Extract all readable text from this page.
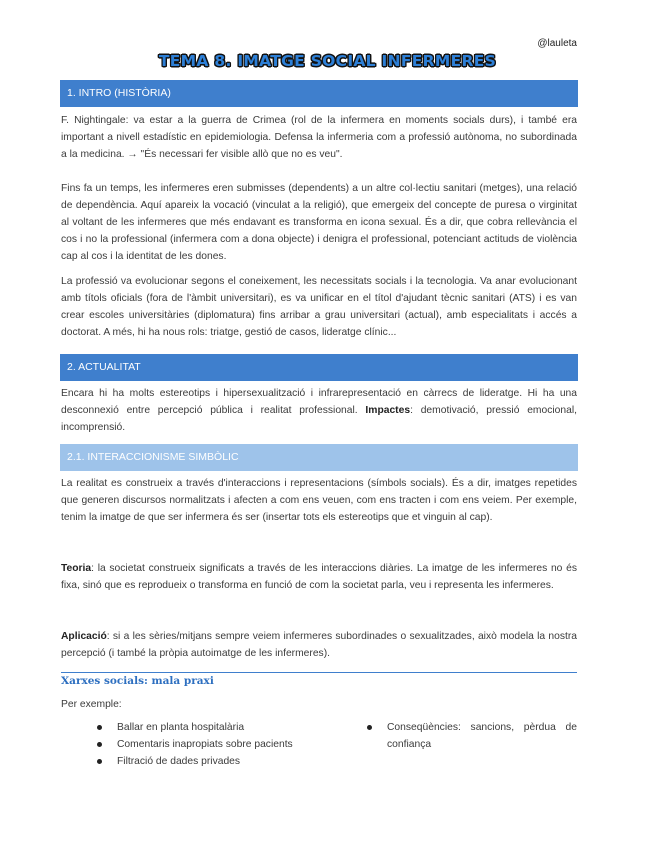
@lauleta
TEMA 8. IMATGE SOCIAL INFERMERES
1. INTRO (HISTÒRIA)

F. Nightingale: va estar a la guerra de Crimea (rol de la infermera en moments socials durs), i també era important a nivell estadístic en epidemiologia. Defensa la infermeria com a professió autònoma, no subordinada a la medicina. → "És necessari fer visible allò que no es veu".

Fins fa un temps, les infermeres eren submisses (dependents) a un altre col·lectiu sanitari (metges), una relació de dependència. Aquí apareix la vocació (vinculat a la religió), que emergeix del concepte de puresa o virginitat al voltant de les infermeres que més endavant es transforma en icona sexual. És a dir, que cobra rellevància el cos i no la professional (infermera com a dona objecte) i denigra el professional, potenciant actituds de violència cap al cos i la identitat de les dones.

La professió va evolucionar segons el coneixement, les necessitats socials i la tecnologia. Va anar evolucionant amb títols oficials (fora de l'àmbit universitari), es va unificar en el títol d'ajudant tècnic sanitari (ATS) i es van crear escoles universitàries (diplomatura) fins arribar a grau universitari (actual), amb especialitats i accés a doctorat. A més, hi ha nous rols: triatge, gestió de casos, lideratge clínic...

2. ACTUALITAT

Encara hi ha molts estereotips i hipersexualització i infrarepresentació en càrrecs de lideratge. Hi ha una desconnexió entre percepció pública i realitat professional. Impactes: demotivació, pressió emocional, incomprensió.

2.1. INTERACCIONISME SIMBÒLIC

La realitat es construeix a través d'interaccions i representacions (símbols socials). És a dir, imatges repetides que generen discursos normalitzats i afecten a com ens veuen, com ens tracten i com ens veiem. Per exemple, tenim la imatge de que ser infermera és ser (insertar tots els estereotips que et vinguin al cap).

Teoria: la societat construeix significats a través de les interaccions diàries. La imatge de les infermeres no és fixa, sinó que es reprodueix o transforma en funció de com la societat parla, veu i representa les infermeres.

Aplicació: si a les sèries/mitjans sempre veiem infermeres subordinades o sexualitzades, això modela la nostra percepció (i també la pròpia autoimatge de les infermeres).

Xarxes socials: mala praxi

Per exemple:

Ballar en planta hospitalària
Comentaris inapropiats sobre pacients
Filtració de dades privades
Conseqüències: sancions, pèrdua de confiança
